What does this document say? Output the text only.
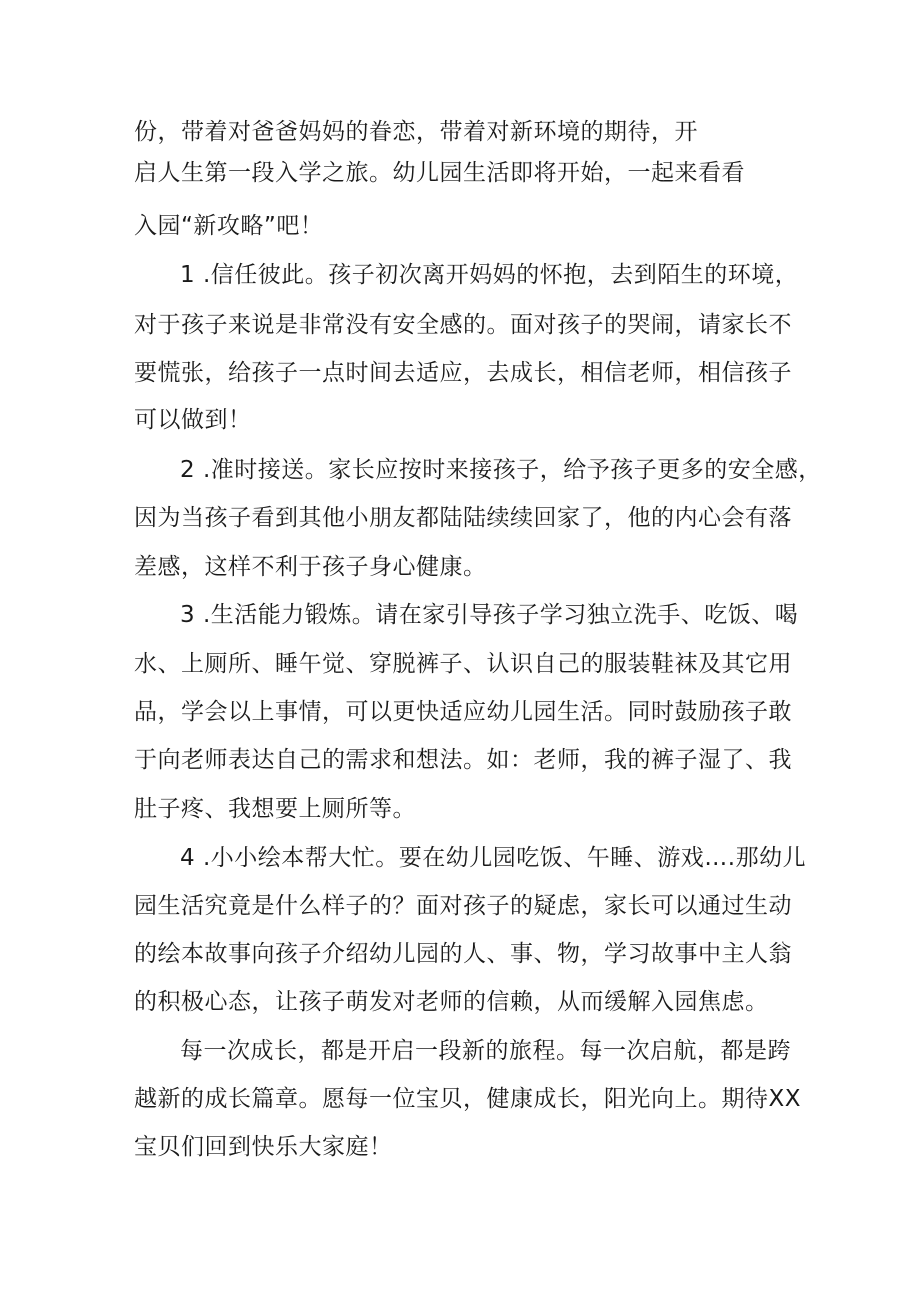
份，带着对爸爸妈妈的眷恋，带着对新环境的期待，开
启人生第一段入学之旅。幼儿园生活即将开始，一起来看看
入园“新攻略”吧！
1 .信任彼此。孩子初次离开妈妈的怀抱，去到陌生的环境，
对于孩子来说是非常没有安全感的。面对孩子的哭闹，请家长不
要慌张，给孩子一点时间去适应，去成长，相信老师，相信孩子
可以做到！
2 .准时接送。家长应按时来接孩子，给予孩子更多的安全感，
因为当孩子看到其他小朋友都陆陆续续回家了，他的内心会有落
差感，这样不利于孩子身心健康。
3 .生活能力锻炼。请在家引导孩子学习独立洗手、吃饭、喝
水、上厕所、睡午觉、穿脱裤子、认识自己的服装鞋袜及其它用
品，学会以上事情，可以更快适应幼儿园生活。同时鼓励孩子敢
于向老师表达自己的需求和想法。如：老师，我的裤子湿了、我
肚子疼、我想要上厕所等。
4 .小小绘本帮大忙。要在幼儿园吃饭、午睡、游戏….那幼儿
园生活究竟是什么样子的？面对孩子的疑虑，家长可以通过生动
的绘本故事向孩子介绍幼儿园的人、事、物，学习故事中主人翁
的积极心态，让孩子萌发对老师的信赖，从而缓解入园焦虑。
每一次成长，都是开启一段新的旅程。每一次启航，都是跨
越新的成长篇章。愿每一位宝贝，健康成长，阳光向上。期待XX
宝贝们回到快乐大家庭！
